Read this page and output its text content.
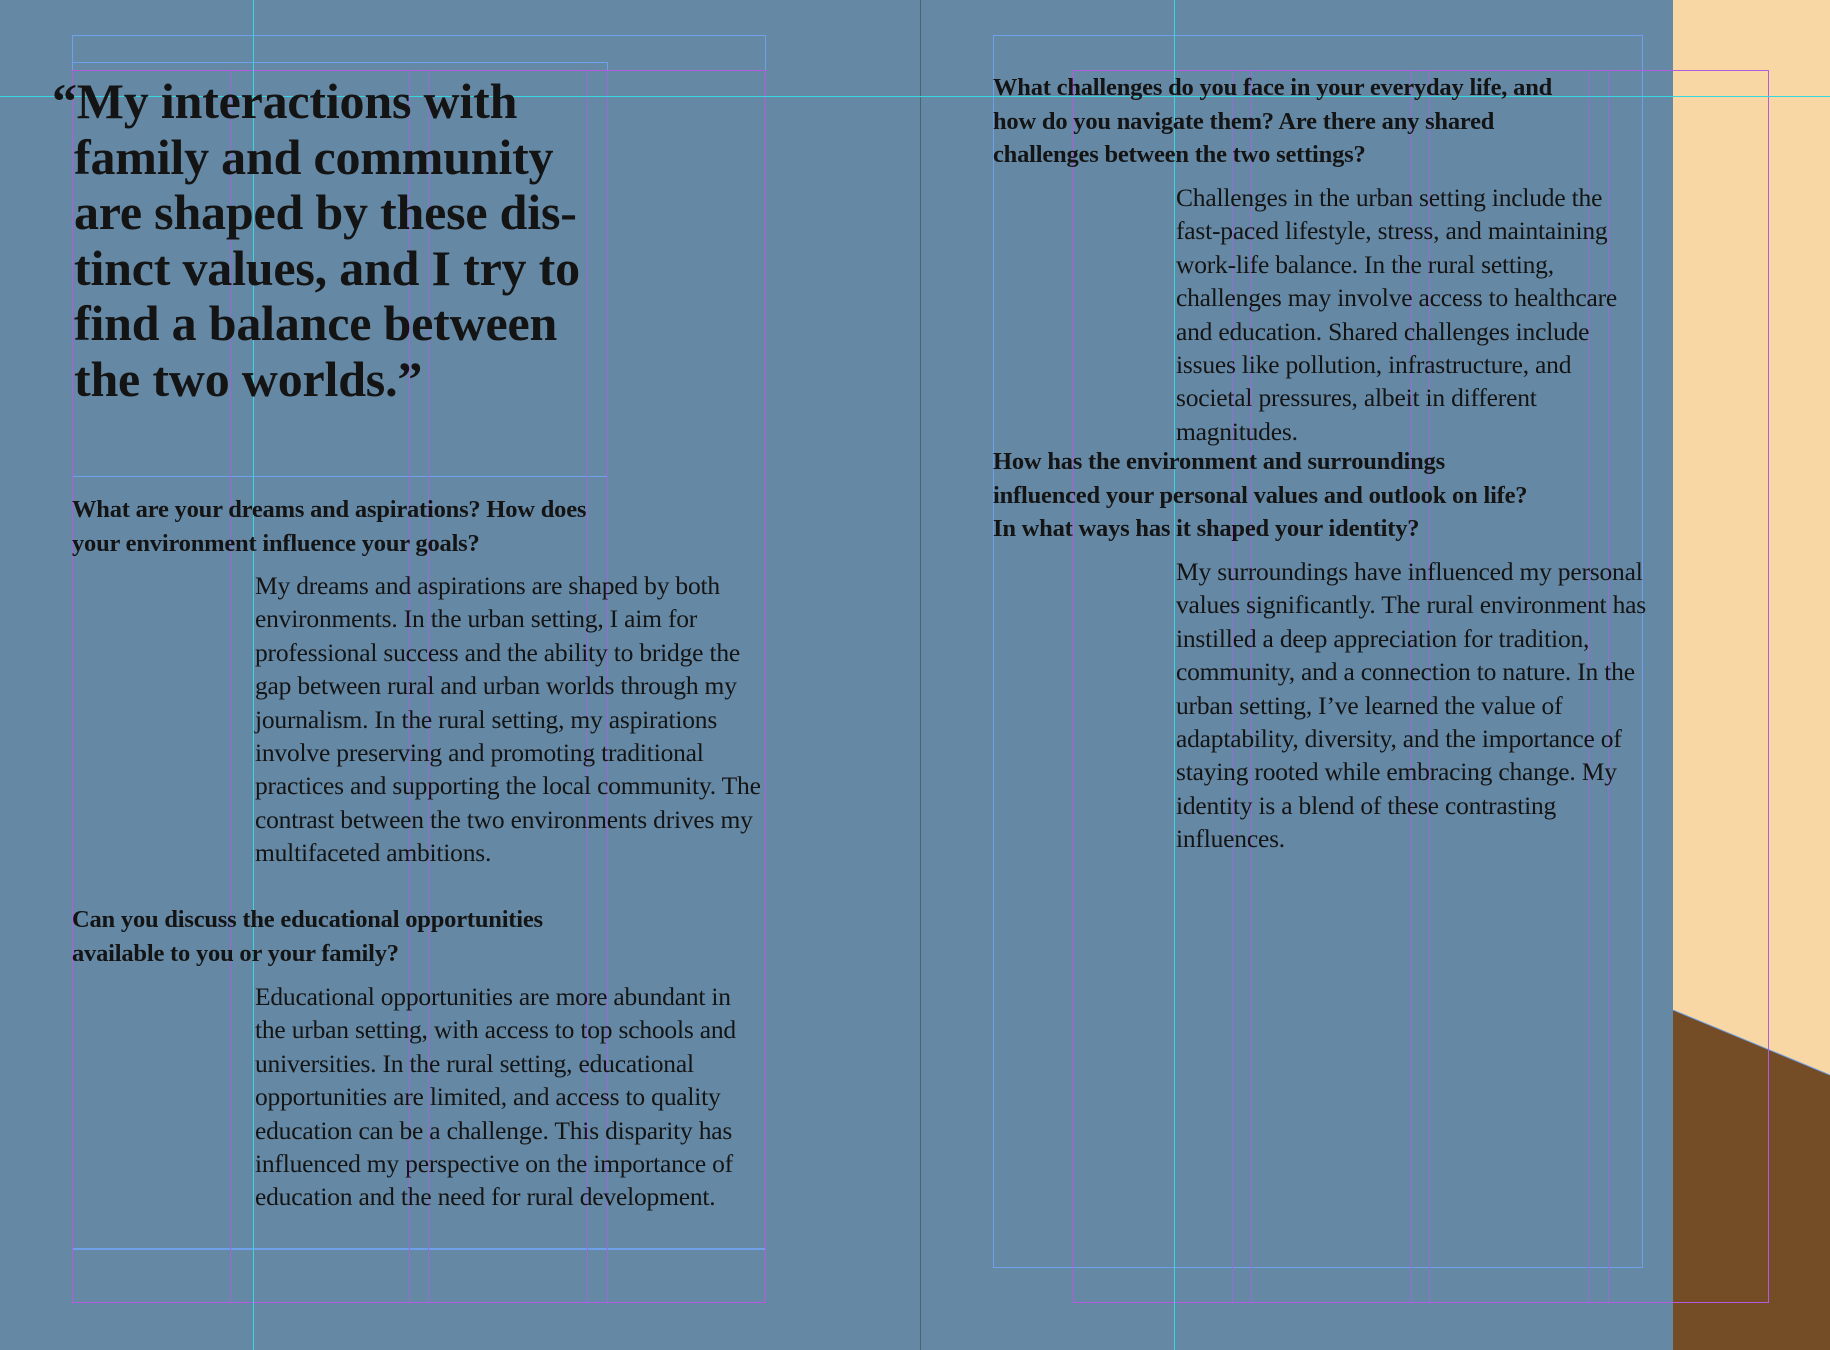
“My interactions with family and community are shaped by these distinct values, and I try to find a balance between the two worlds.”
What are your dreams and aspirations? How does your environment influence your goals?
My dreams and aspirations are shaped by both environments. In the urban setting, I aim for professional success and the ability to bridge the gap between rural and urban worlds through my journalism. In the rural setting, my aspirations involve preserving and promoting traditional practices and supporting the local community. The contrast between the two environments drives my multifaceted ambitions.
Can you discuss the educational opportunities available to you or your family?
Educational opportunities are more abundant in the urban setting, with access to top schools and universities. In the rural setting, educational opportunities are limited, and access to quality education can be a challenge. This disparity has influenced my perspective on the importance of education and the need for rural development.
What challenges do you face in your everyday life, and how do you navigate them? Are there any shared challenges between the two settings?
Challenges in the urban setting include the fast-paced lifestyle, stress, and maintaining work-life balance. In the rural setting, challenges may involve access to healthcare and education. Shared challenges include issues like pollution, infrastructure, and societal pressures, albeit in different magnitudes.
How has the environment and surroundings influenced your personal values and outlook on life? In what ways has it shaped your identity?
My surroundings have influenced my personal values significantly. The rural environment has instilled a deep appreciation for tradition, community, and a connection to nature. In the urban setting, I’ve learned the value of adaptability, diversity, and the importance of staying rooted while embracing change. My identity is a blend of these contrasting influences.
